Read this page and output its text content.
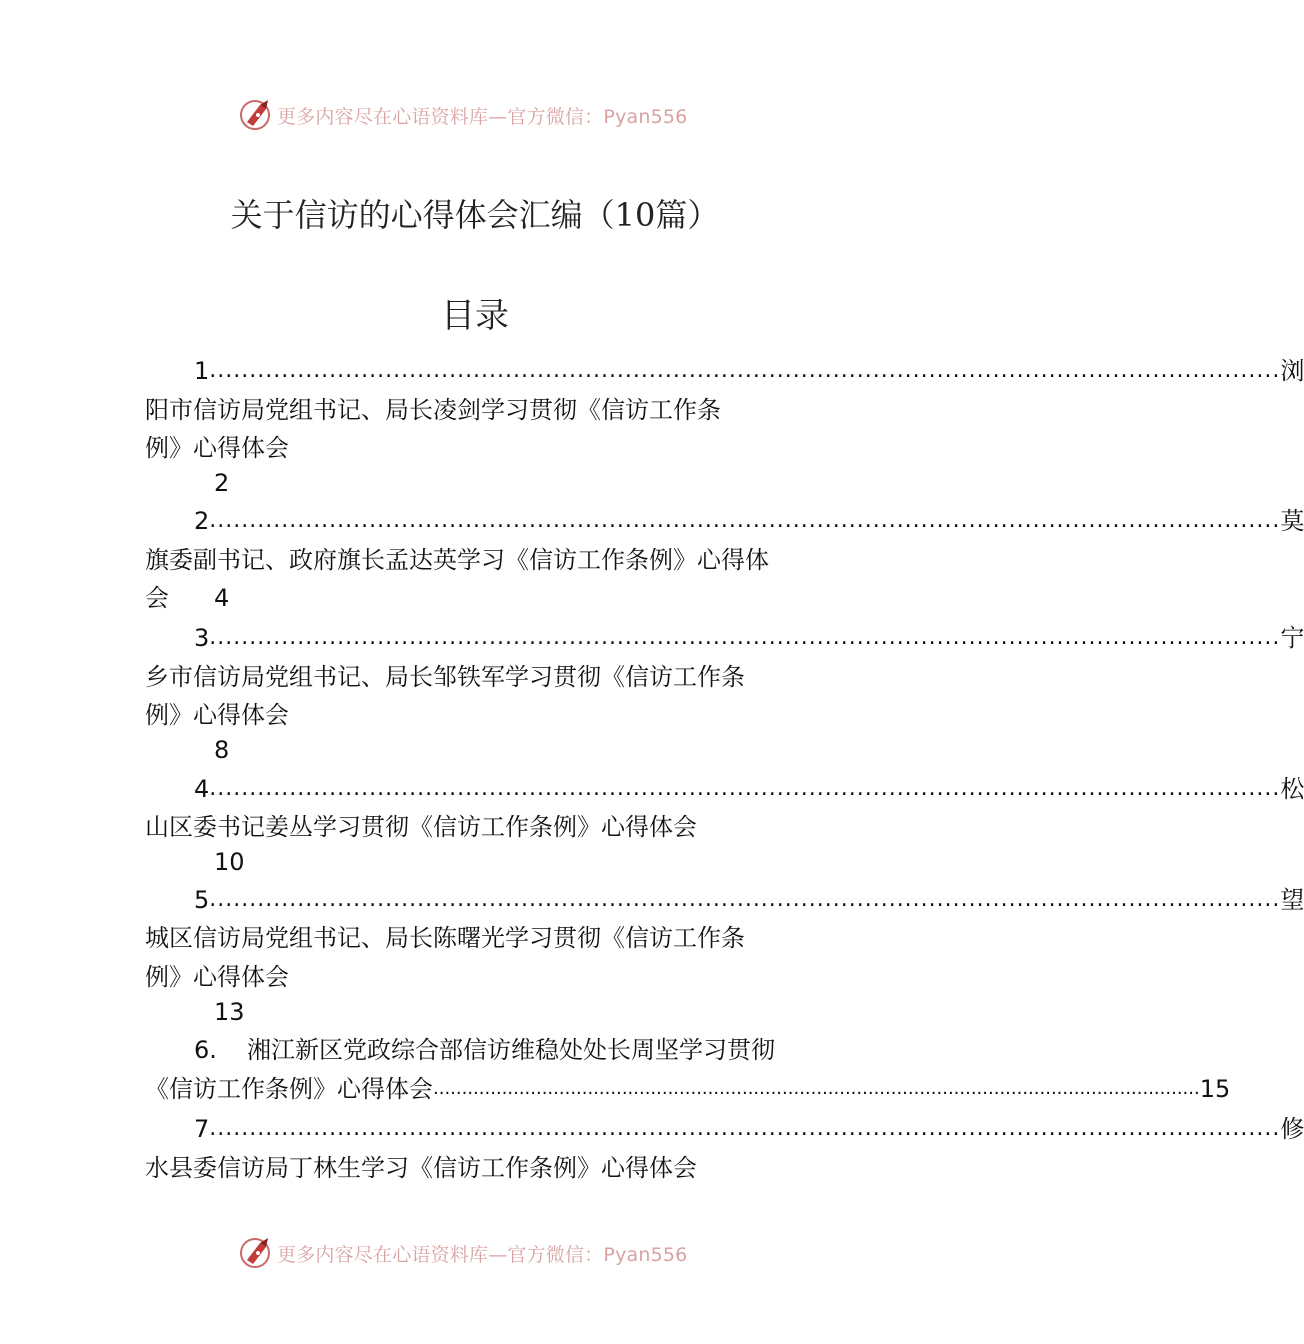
更多内容尽在心语资料库—官方微信：Pyan556
关于信访的心得体会汇编（10篇）
目录
1 ...................................................................................................................................... 浏
阳市信访局党组书记、局长凌剑学习贯彻《信访工作条
例》心得体会
2
2 ...................................................................................................................................... 莫
旗委副书记、政府旗长孟达英学习《信访工作条例》心得体
会 4
3 ...................................................................................................................................... 宁
乡市信访局党组书记、局长邹铁军学习贯彻《信访工作条
例》心得体会
8
4 ...................................................................................................................................... 松
山区委书记姜丛学习贯彻《信访工作条例》心得体会
10
5 ...................................................................................................................................... 望
城区信访局党组书记、局长陈曙光学习贯彻《信访工作条
例》心得体会
13
6. 湘江新区党政综合部信访维稳处处长周坚学习贯彻
《信访工作条例》心得体会 ...................................................................................................................................... 15
7 ...................................................................................................................................... 修
水县委信访局丁林生学习《信访工作条例》心得体会
更多内容尽在心语资料库—官方微信：Pyan556
